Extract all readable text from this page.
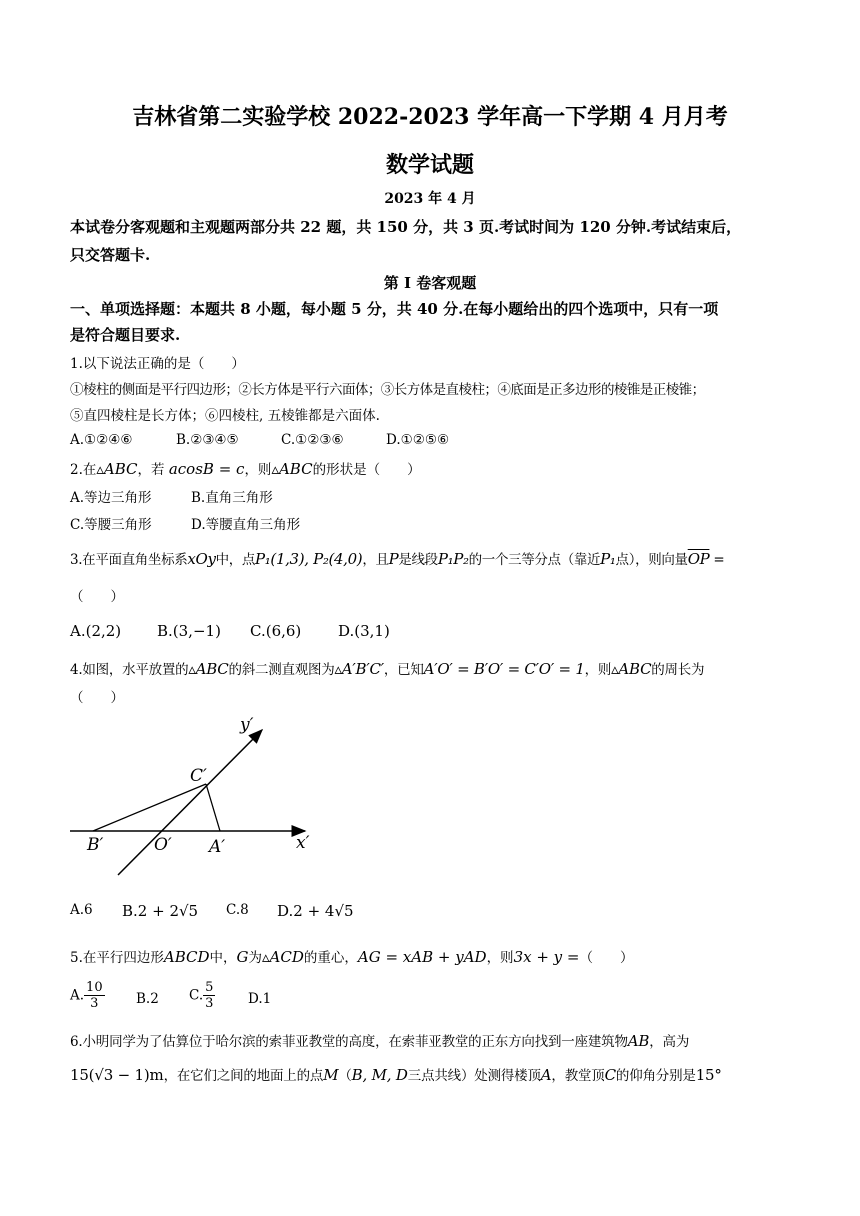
吉林省第二实验学校 2022-2023 学年高一下学期 4 月月考
数学试题
2023 年 4 月
本试卷分客观题和主观题两部分共 22 题，共 150 分，共 3 页.考试时间为 120 分钟.考试结束后，
只交答题卡.
第 I 卷客观题
一、单项选择题：本题共 8 小题，每小题 5 分，共 40 分.在每小题给出的四个选项中，只有一项
是符合题目要求.
1.以下说法正确的是（　　）
①棱柱的侧面是平行四边形；②长方体是平行六面体；③长方体是直棱柱；④底面是正多边形的棱锥是正棱锥；
⑤直四棱柱是长方体；⑥四棱柱, 五棱锥都是六面体.
A.①②④⑥	B.②③④⑤	C.①②③⑥	D.①②⑤⑥
2.在▵ABC，若 acosB = c，则▵ABC的形状是（　　）
A.等边三角形	B.直角三角形
C.等腰三角形	D.等腰直角三角形
3.在平面直角坐标系xOy中，点P₁(1,3), P₂(4,0)，且P是线段P₁P₂的一个三等分点（靠近P₁点），则向量$\overline{OP}$ =
（　　）
A.(2,2) B.(3,−1) C.(6,6) D.(3,1)
4.如图，水平放置的▵ABC的斜二测直观图为▵A′B′C′，已知A′O′ = B′O′ = C′O′ = 1，则▵ABC的周长为
（　　）
y′
x′
C′
B′	O′ A′
A.6 B.2 + 2√5 C.8 D.2 + 4√5
5.在平行四边形ABCD中，G为▵ACD的重心，AG = xAB + yAD，则3x + y =（　　）
A. $\frac{10}{3} B.2$ C. $\frac{5}{3} D.1$
6.小明同学为了估算位于哈尔滨的索菲亚教堂的高度，在索菲亚教堂的正东方向找到一座建筑物AB，高为
15(√3 − 1)m，在它们之间的地面上的点M（B, M, D三点共线）处测得楼顶A，教堂顶C的仰角分别是15°
